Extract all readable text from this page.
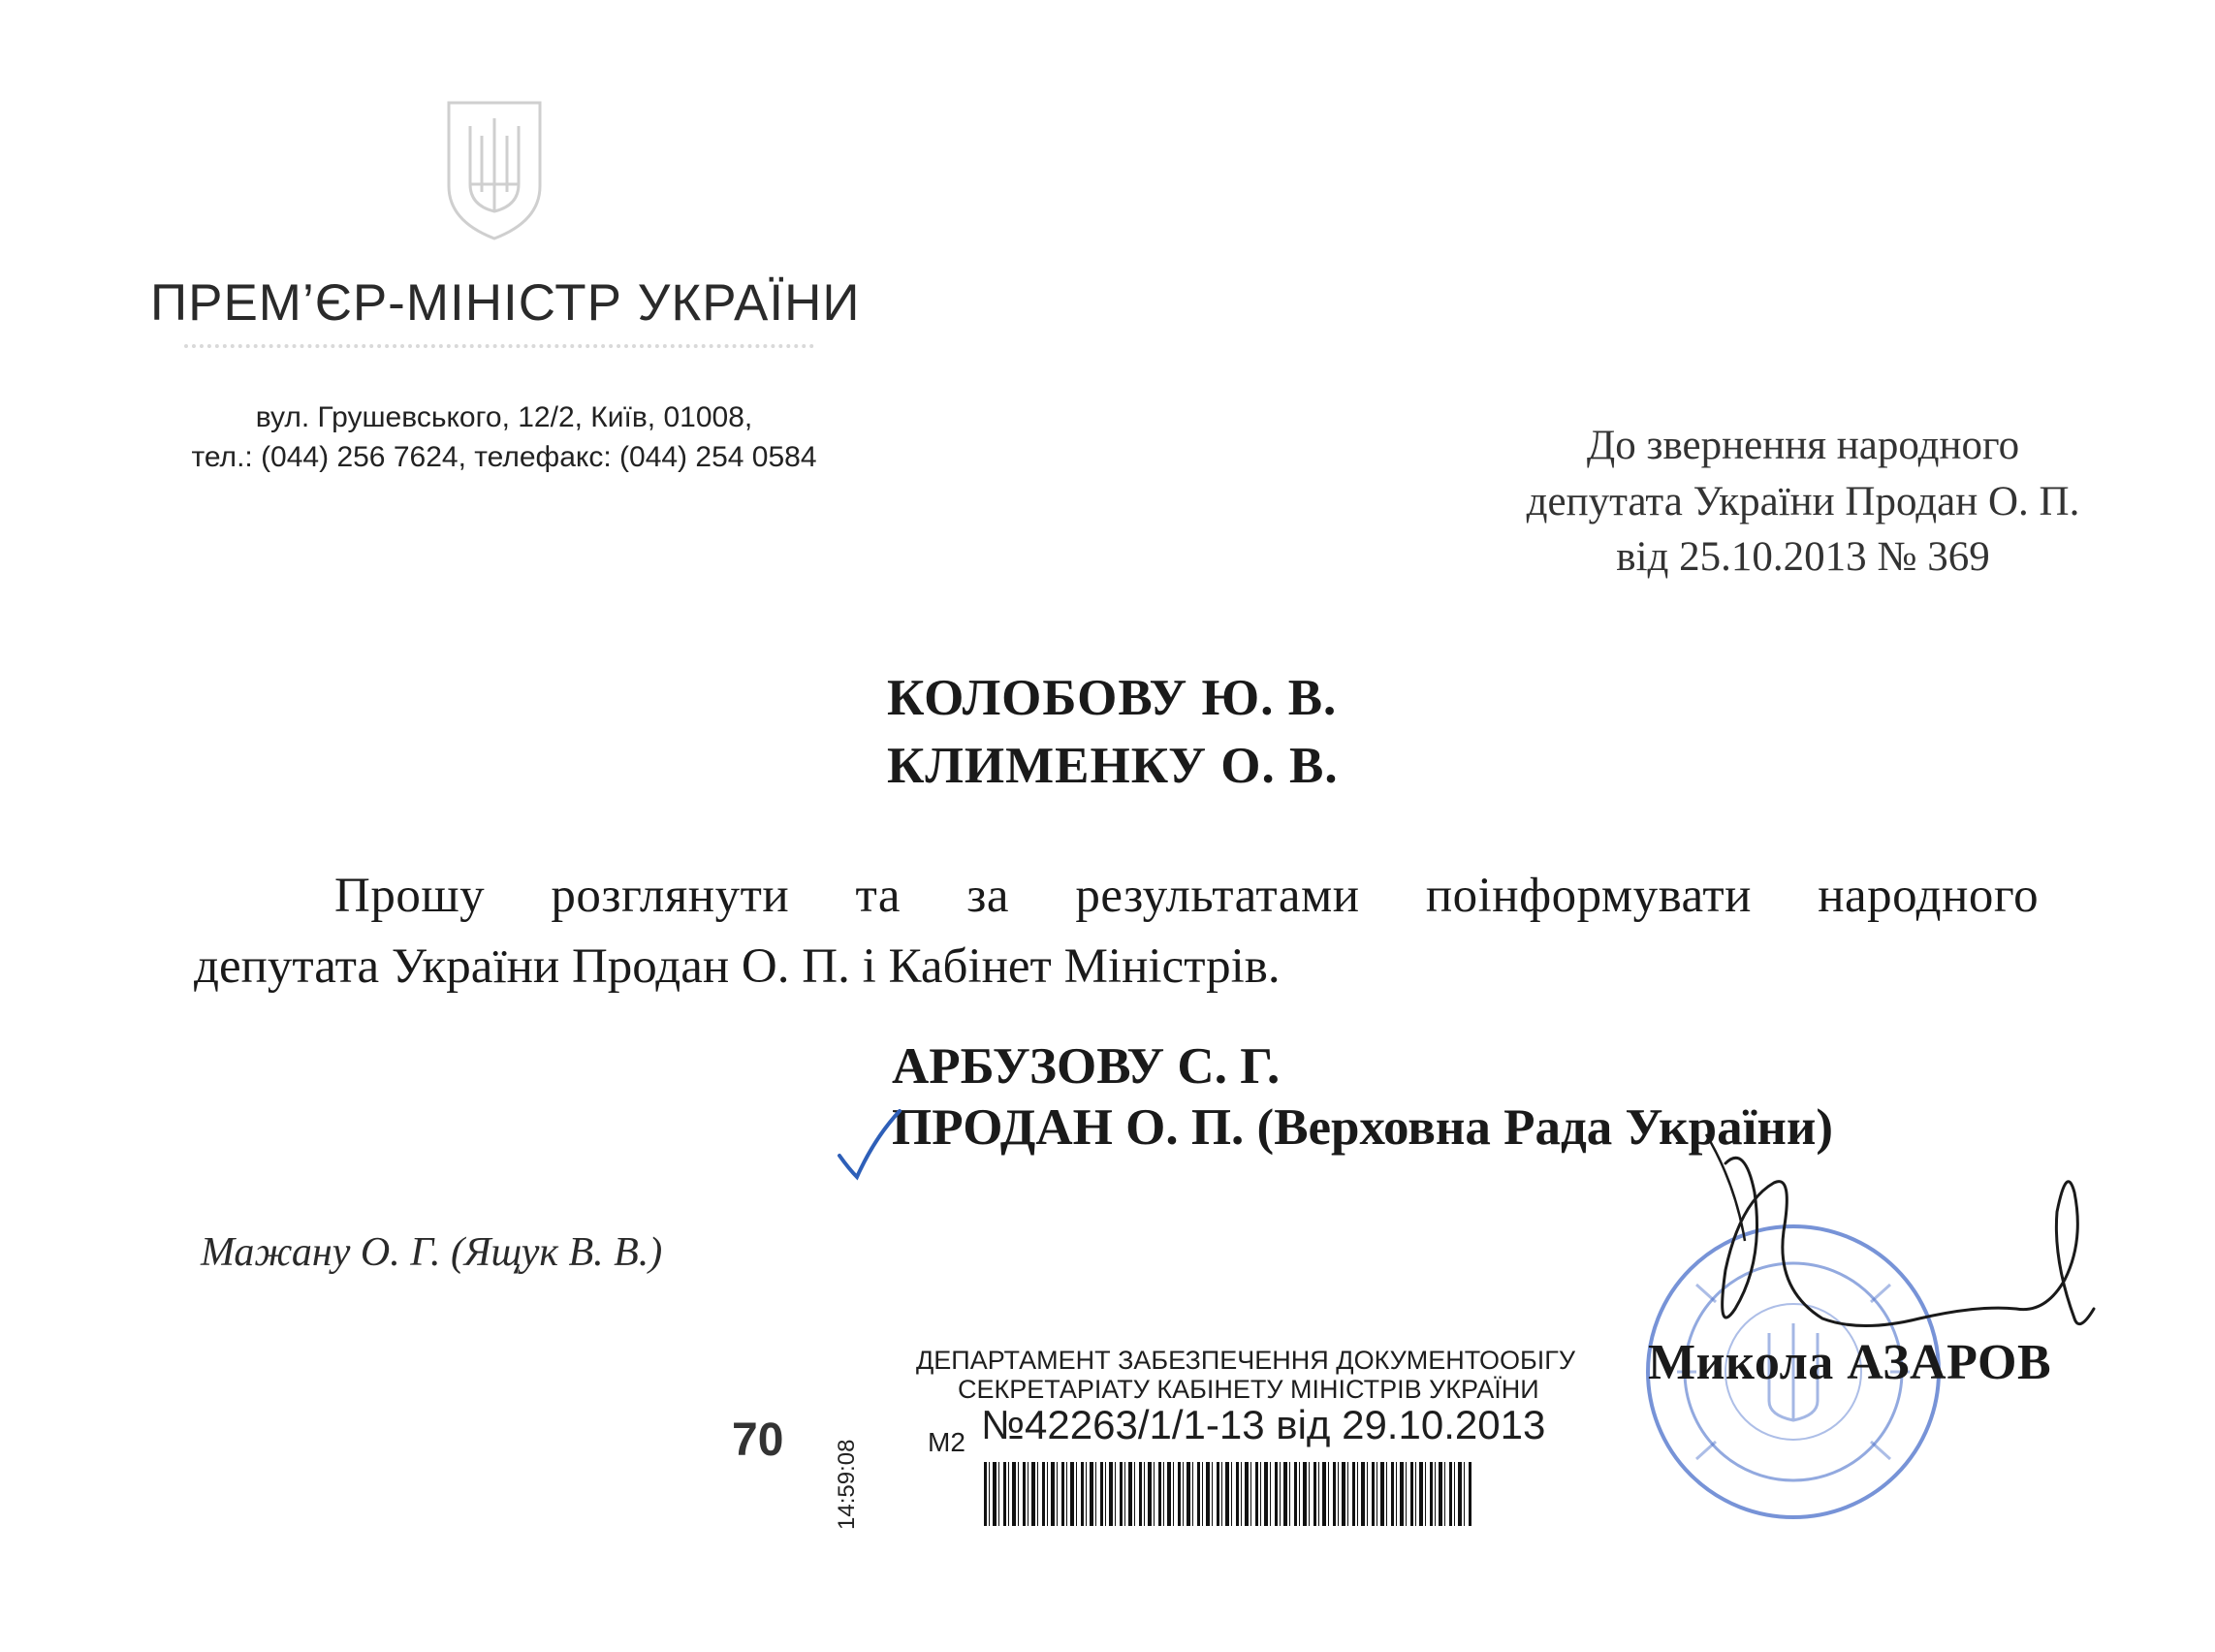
ПРЕМ’ЄР-МІНІСТР УКРАЇНИ
вул. Грушевського, 12/2, Київ, 01008,
тел.: (044) 256 7624, телефакс: (044) 254 0584	До звернення народного
депутата України Продан О. П.
від 25.10.2013 № 369
КОЛОБОВУ Ю. В.
КЛИМЕНКУ О. В.
Прошу розглянути та за результатами поінформувати народного
депутата України Продан О. П. і Кабінет Міністрів.
АРБУЗОВУ С. Г.
ПРОДАН О. П. (Верховна Рада України)
Мажану О. Г. (Ящук В. В.)
Микола АЗАРОВ
ДЕПАРТАМЕНТ ЗАБЕЗПЕЧЕННЯ ДОКУМЕНТООБІГУ
СЕКРЕТАРІАТУ КАБІНЕТУ МІНІСТРІВ УКРАЇНИ
№42263/1/1-13 від 29.10.2013
М2
70 14:59:08
